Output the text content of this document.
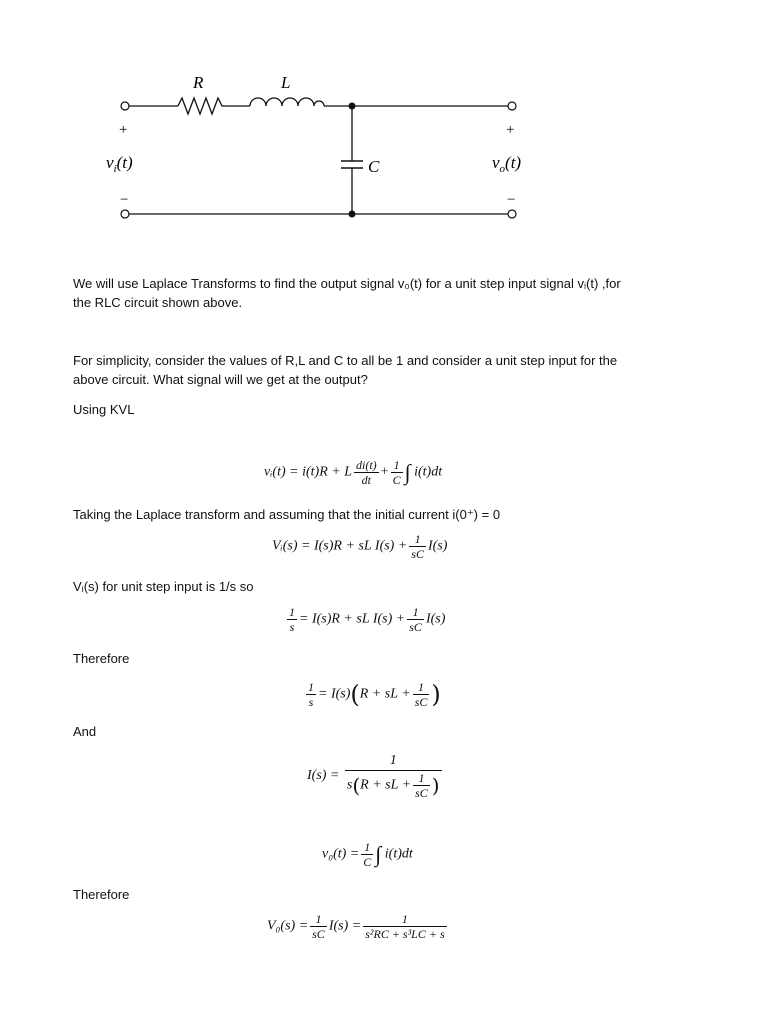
R	L
C
+
−
+
−
$v_i(t)$	$v_o(t)$

We will use Laplace Transforms to find the output signal v₀(t) for a unit step input signal vᵢ(t) ,for

the RLC circuit shown above.

For simplicity, consider the values of R,L and C to all be 1 and consider a unit step input for the

above circuit. What signal will we get at the output?

Using KVL

vᵢ(t) = i(t)R + L $\frac{di(t)}{dt} + \frac{1}{C}$ ∫ i(t)dt

Taking the Laplace transform and assuming that the initial current i(0⁺) = 0

Vᵢ(s) = I(s)R + sL $I(s) + \frac{1}{sC} I(s)$

Vᵢ(s) for unit step input is 1/s so

$\frac{1}{s} = I(s)R$ + sL $I(s) + \frac{1}{sC} I(s)$

Therefore

$\frac{1}{s} = I(s)(R$ + sL + $\frac{1}{sC}$ )

And

$I(s) = \frac{1}{s(R + sL + \frac{1}{sC} )}$
$v_0(t) = \frac{1}{C}$ ∫ i(t)dt

Therefore

$V_0(s) = \frac{1}{sC} I(s) = \frac{1}{\text{s²RC + s³LC + s}}$
